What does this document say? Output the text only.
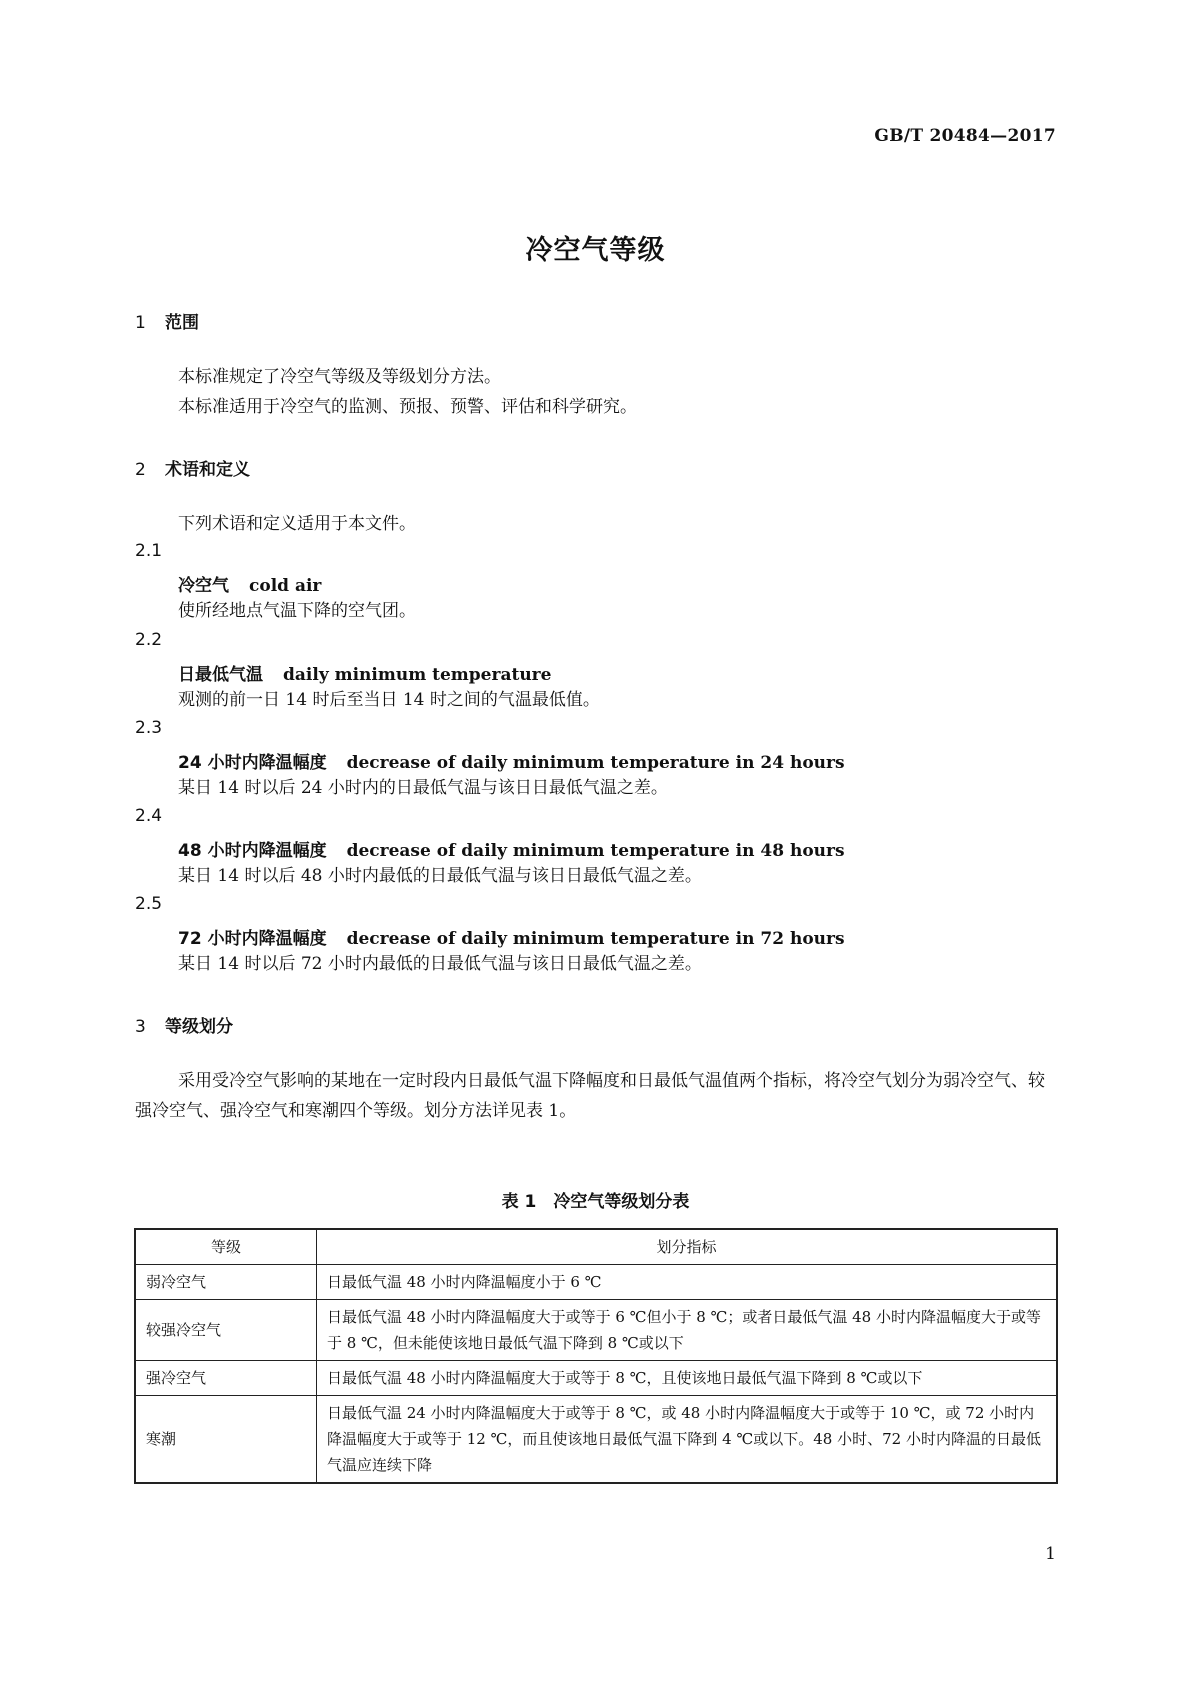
GB/T 20484—2017
冷空气等级
1 范围
本标准规定了冷空气等级及等级划分方法。
本标准适用于冷空气的监测、预报、预警、评估和科学研究。
2 术语和定义
下列术语和定义适用于本文件。
2.1
冷空气 cold air
使所经地点气温下降的空气团。
2.2
日最低气温 daily minimum temperature
观测的前一日 14 时后至当日 14 时之间的气温最低值。
2.3
24 小时内降温幅度 decrease of daily minimum temperature in 24 hours
某日 14 时以后 24 小时内的日最低气温与该日日最低气温之差。
2.4
48 小时内降温幅度 decrease of daily minimum temperature in 48 hours
某日 14 时以后 48 小时内最低的日最低气温与该日日最低气温之差。
2.5
72 小时内降温幅度 decrease of daily minimum temperature in 72 hours
某日 14 时以后 72 小时内最低的日最低气温与该日日最低气温之差。
3 等级划分
采用受冷空气影响的某地在一定时段内日最低气温下降幅度和日最低气温值两个指标，将冷空气划分为弱冷空气、较强冷空气、强冷空气和寒潮四个等级。划分方法详见表 1。
表 1　冷空气等级划分表
等级	划分指标
弱冷空气	日最低气温 48 小时内降温幅度小于 6 ℃
较强冷空气	日最低气温 48 小时内降温幅度大于或等于 6 ℃但小于 8 ℃；或者日最低气温 48 小时内降温幅度大于或等于 8 ℃，但未能使该地日最低气温下降到 8 ℃或以下
强冷空气	日最低气温 48 小时内降温幅度大于或等于 8 ℃，且使该地日最低气温下降到 8 ℃或以下
寒潮	日最低气温 24 小时内降温幅度大于或等于 8 ℃，或 48 小时内降温幅度大于或等于 10 ℃，或 72 小时内降温幅度大于或等于 12 ℃，而且使该地日最低气温下降到 4 ℃或以下。48 小时、72 小时内降温的日最低气温应连续下降
1
